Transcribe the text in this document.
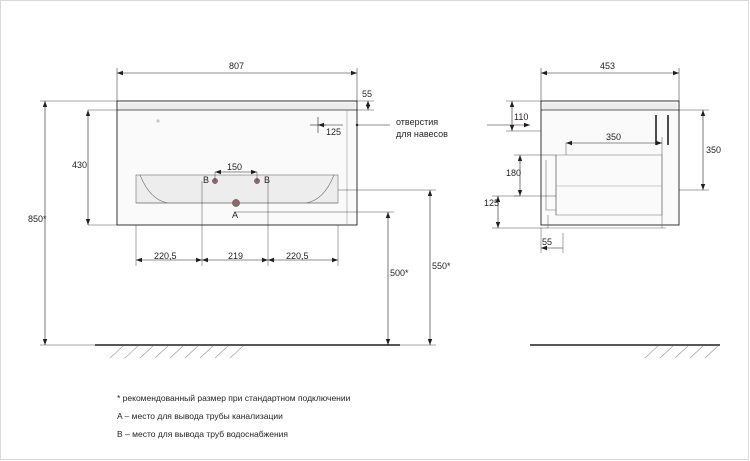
807
55
125
430
850*
150
220,5	219	220,5
500*
550*
A
B	B
отверстия
для навесов
453
110
350
350
180
125
55
* рекомендованный размер при стандартном подключении
A – место для вывода трубы канализации
B – место для вывода труб водоснабжения
